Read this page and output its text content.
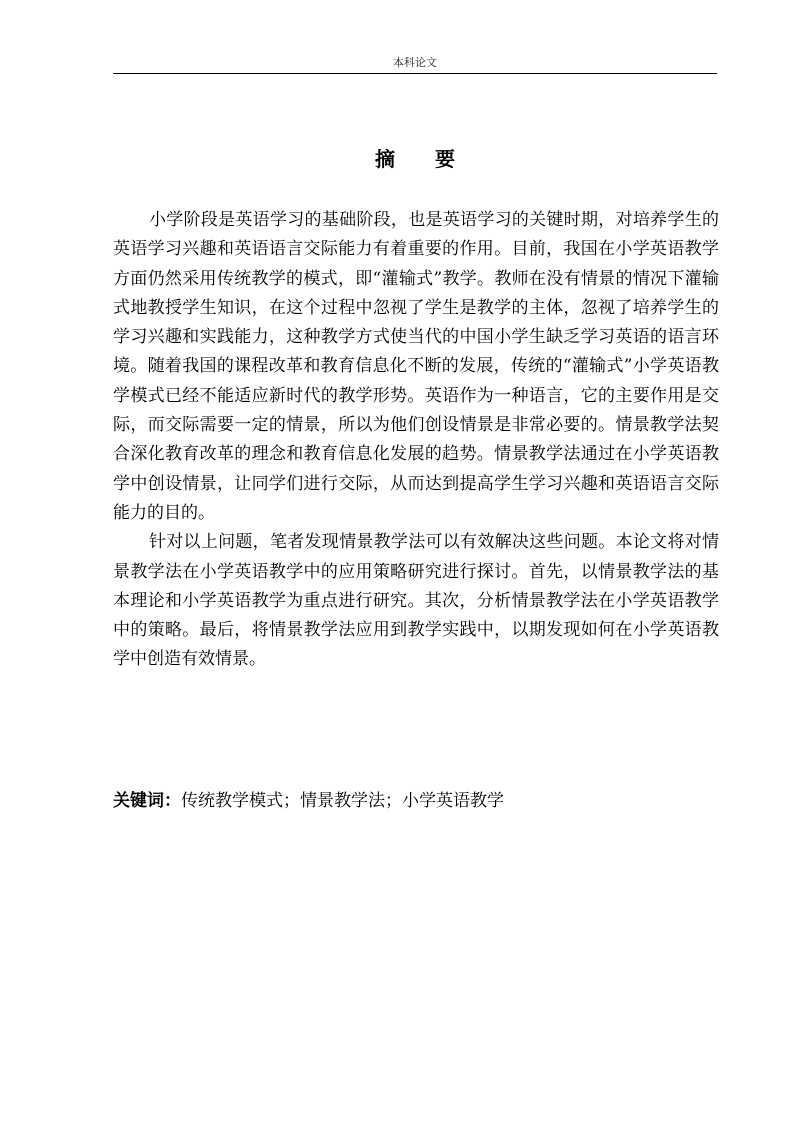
本科论文
摘　　要

小学阶段是英语学习的基础阶段，也是英语学习的关键时期，对培养学生的英语学习兴趣和英语语言交际能力有着重要的作用。目前，我国在小学英语教学方面仍然采用传统教学的模式，即“灌输式”教学。教师在没有情景的情况下灌输式地教授学生知识，在这个过程中忽视了学生是教学的主体，忽视了培养学生的学习兴趣和实践能力，这种教学方式使当代的中国小学生缺乏学习英语的语言环境。随着我国的课程改革和教育信息化不断的发展，传统的“灌输式”小学英语教学模式已经不能适应新时代的教学形势。英语作为一种语言，它的主要作用是交际，而交际需要一定的情景，所以为他们创设情景是非常必要的。情景教学法契合深化教育改革的理念和教育信息化发展的趋势。情景教学法通过在小学英语教学中创设情景，让同学们进行交际，从而达到提高学生学习兴趣和英语语言交际能力的目的。

针对以上问题，笔者发现情景教学法可以有效解决这些问题。本论文将对情景教学法在小学英语教学中的应用策略研究进行探讨。首先，以情景教学法的基本理论和小学英语教学为重点进行研究。其次，分析情景教学法在小学英语教学中的策略。最后，将情景教学法应用到教学实践中，以期发现如何在小学英语教学中创造有效情景。

关键词：传统教学模式；情景教学法；小学英语教学
